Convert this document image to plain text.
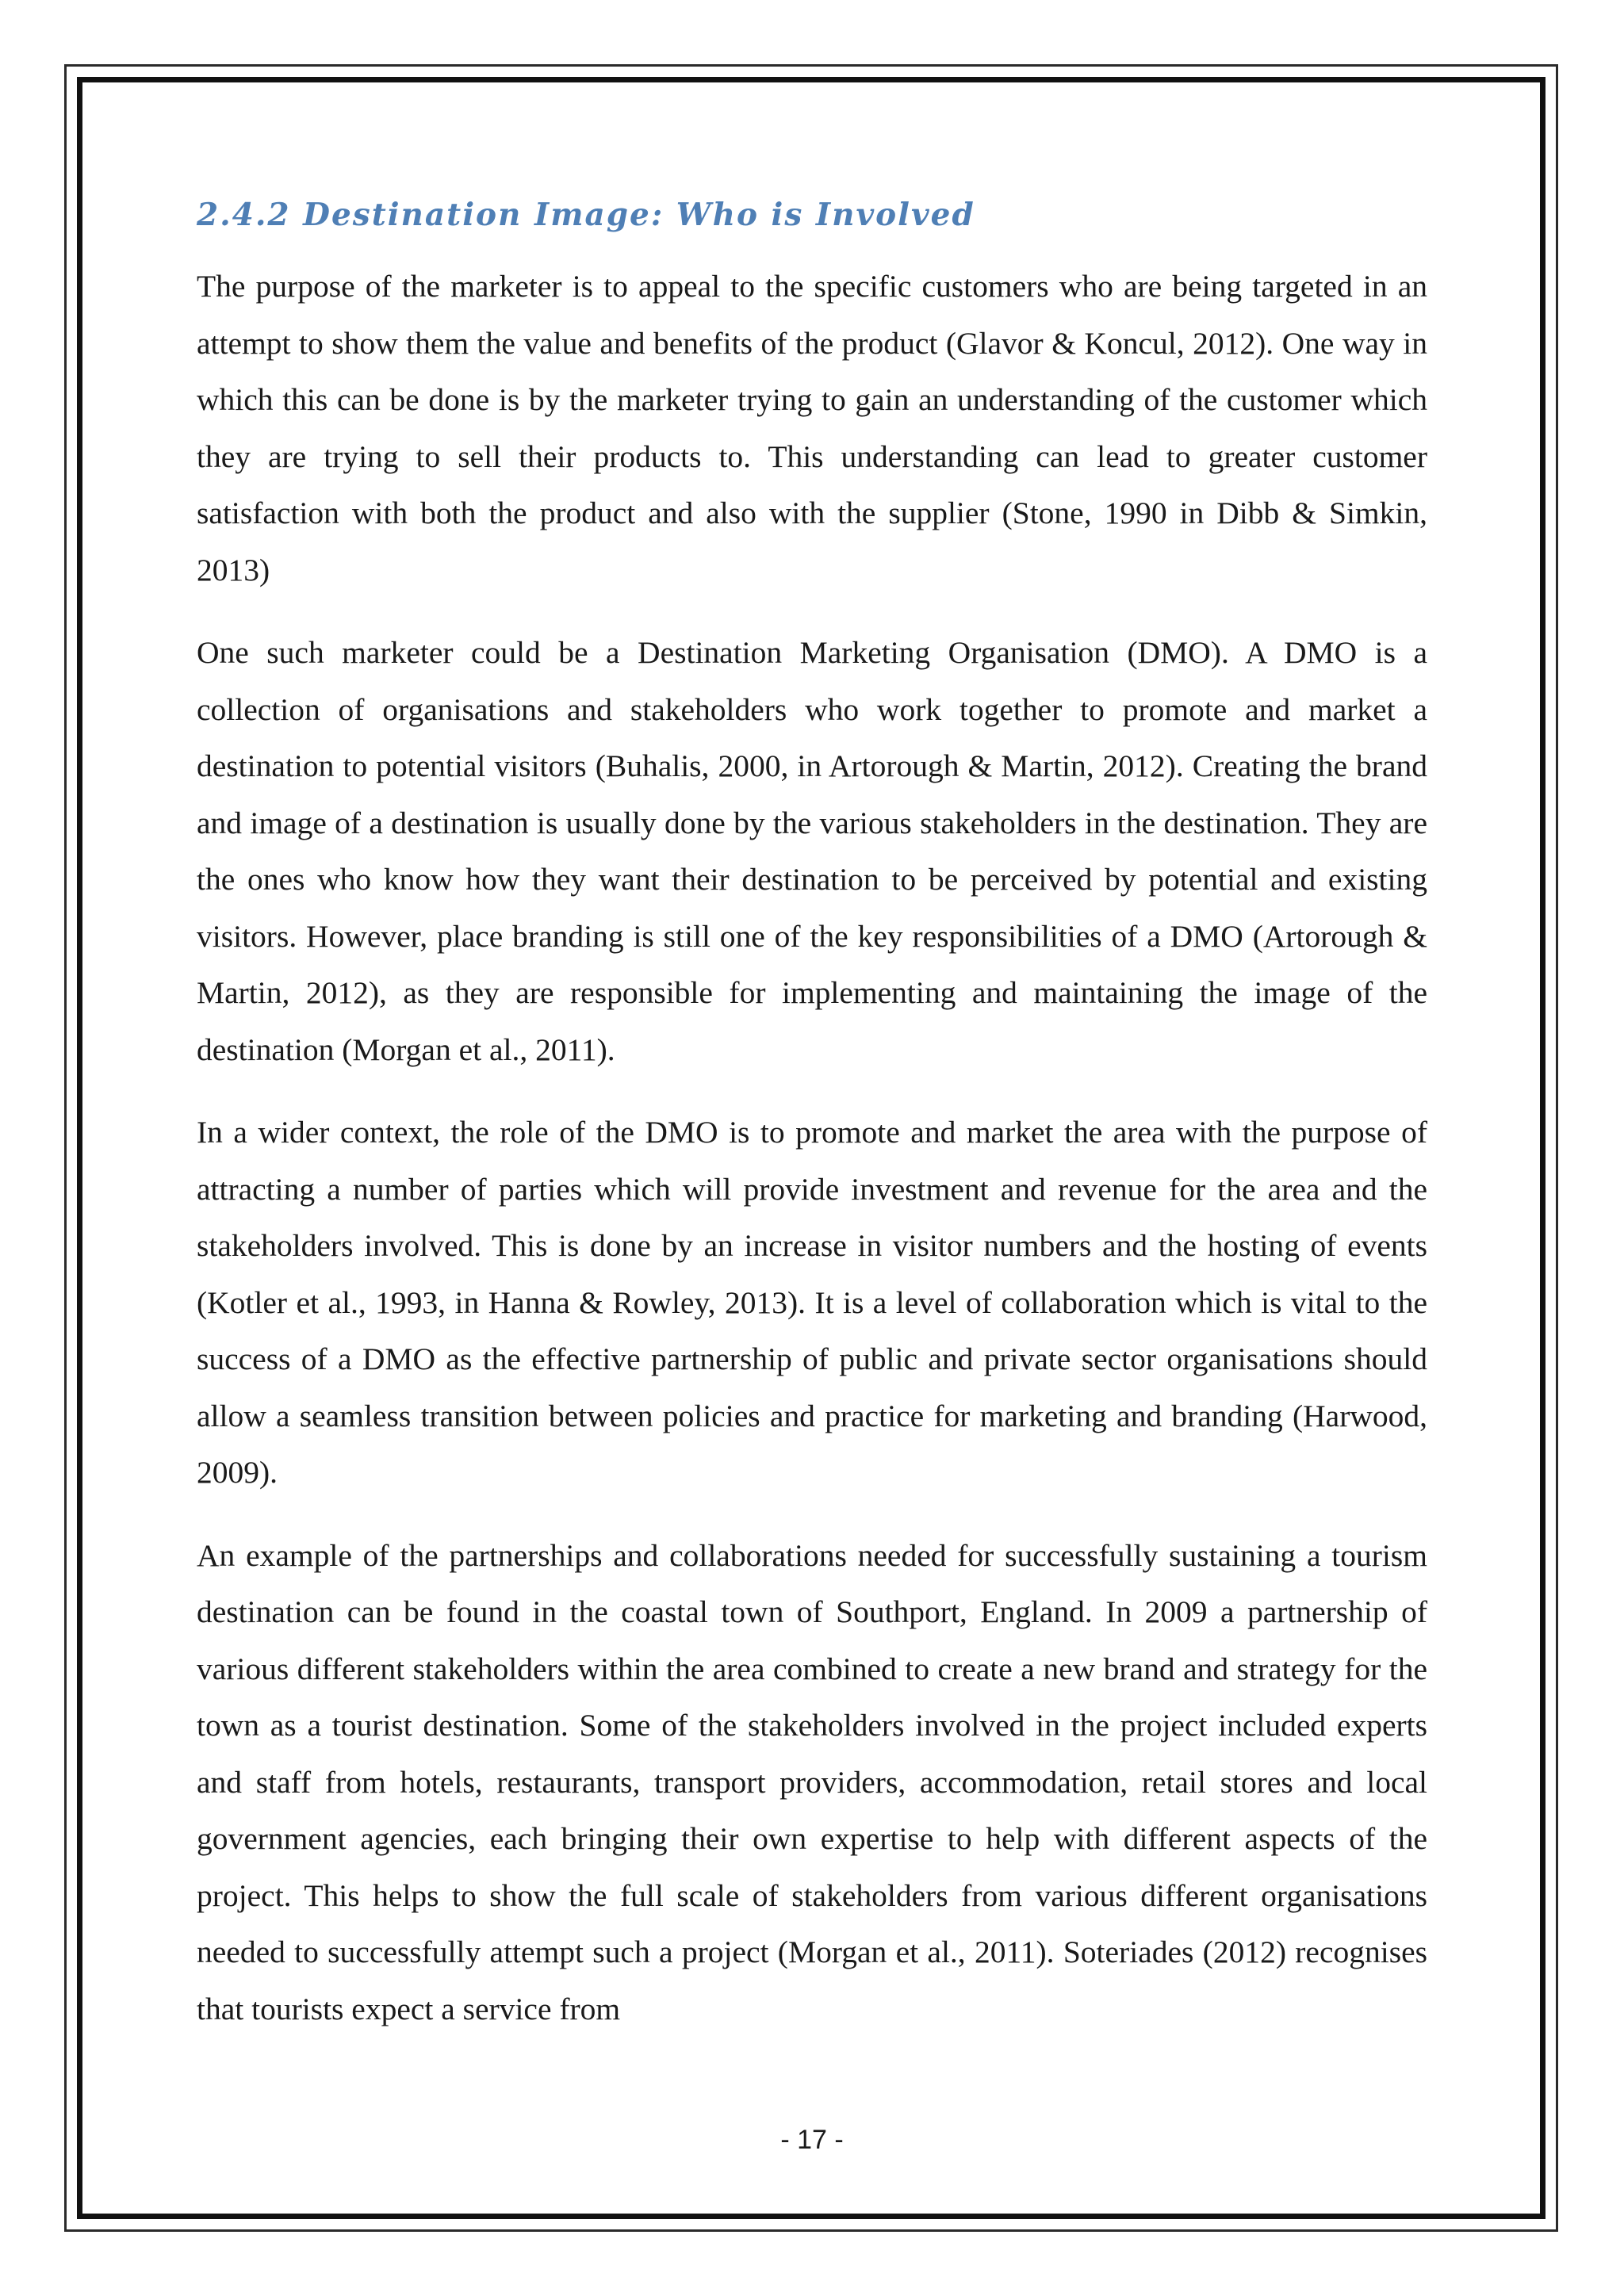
2.4.2 Destination Image: Who is Involved

The purpose of the marketer is to appeal to the specific customers who are being targeted in an attempt to show them the value and benefits of the product (Glavor & Koncul, 2012). One way in which this can be done is by the marketer trying to gain an understanding of the customer which they are trying to sell their products to. This understanding can lead to greater customer satisfaction with both the product and also with the supplier (Stone, 1990 in Dibb & Simkin, 2013)

One such marketer could be a Destination Marketing Organisation (DMO). A DMO is a collection of organisations and stakeholders who work together to promote and market a destination to potential visitors (Buhalis, 2000, in Artorough & Martin, 2012). Creating the brand and image of a destination is usually done by the various stakeholders in the destination. They are the ones who know how they want their destination to be perceived by potential and existing visitors. However, place branding is still one of the key responsibilities of a DMO (Artorough & Martin, 2012), as they are responsible for implementing and maintaining the image of the destination (Morgan et al., 2011).

In a wider context, the role of the DMO is to promote and market the area with the purpose of attracting a number of parties which will provide investment and revenue for the area and the stakeholders involved. This is done by an increase in visitor numbers and the hosting of events (Kotler et al., 1993, in Hanna & Rowley, 2013). It is a level of collaboration which is vital to the success of a DMO as the effective partnership of public and private sector organisations should allow a seamless transition between policies and practice for marketing and branding (Harwood, 2009).

An example of the partnerships and collaborations needed for successfully sustaining a tourism destination can be found in the coastal town of Southport, England. In 2009 a partnership of various different stakeholders within the area combined to create a new brand and strategy for the town as a tourist destination. Some of the stakeholders involved in the project included experts and staff from hotels, restaurants, transport providers, accommodation, retail stores and local government agencies, each bringing their own expertise to help with different aspects of the project. This helps to show the full scale of stakeholders from various different organisations needed to successfully attempt such a project (Morgan et al., 2011). Soteriades (2012) recognises that tourists expect a service from

- 17 -
